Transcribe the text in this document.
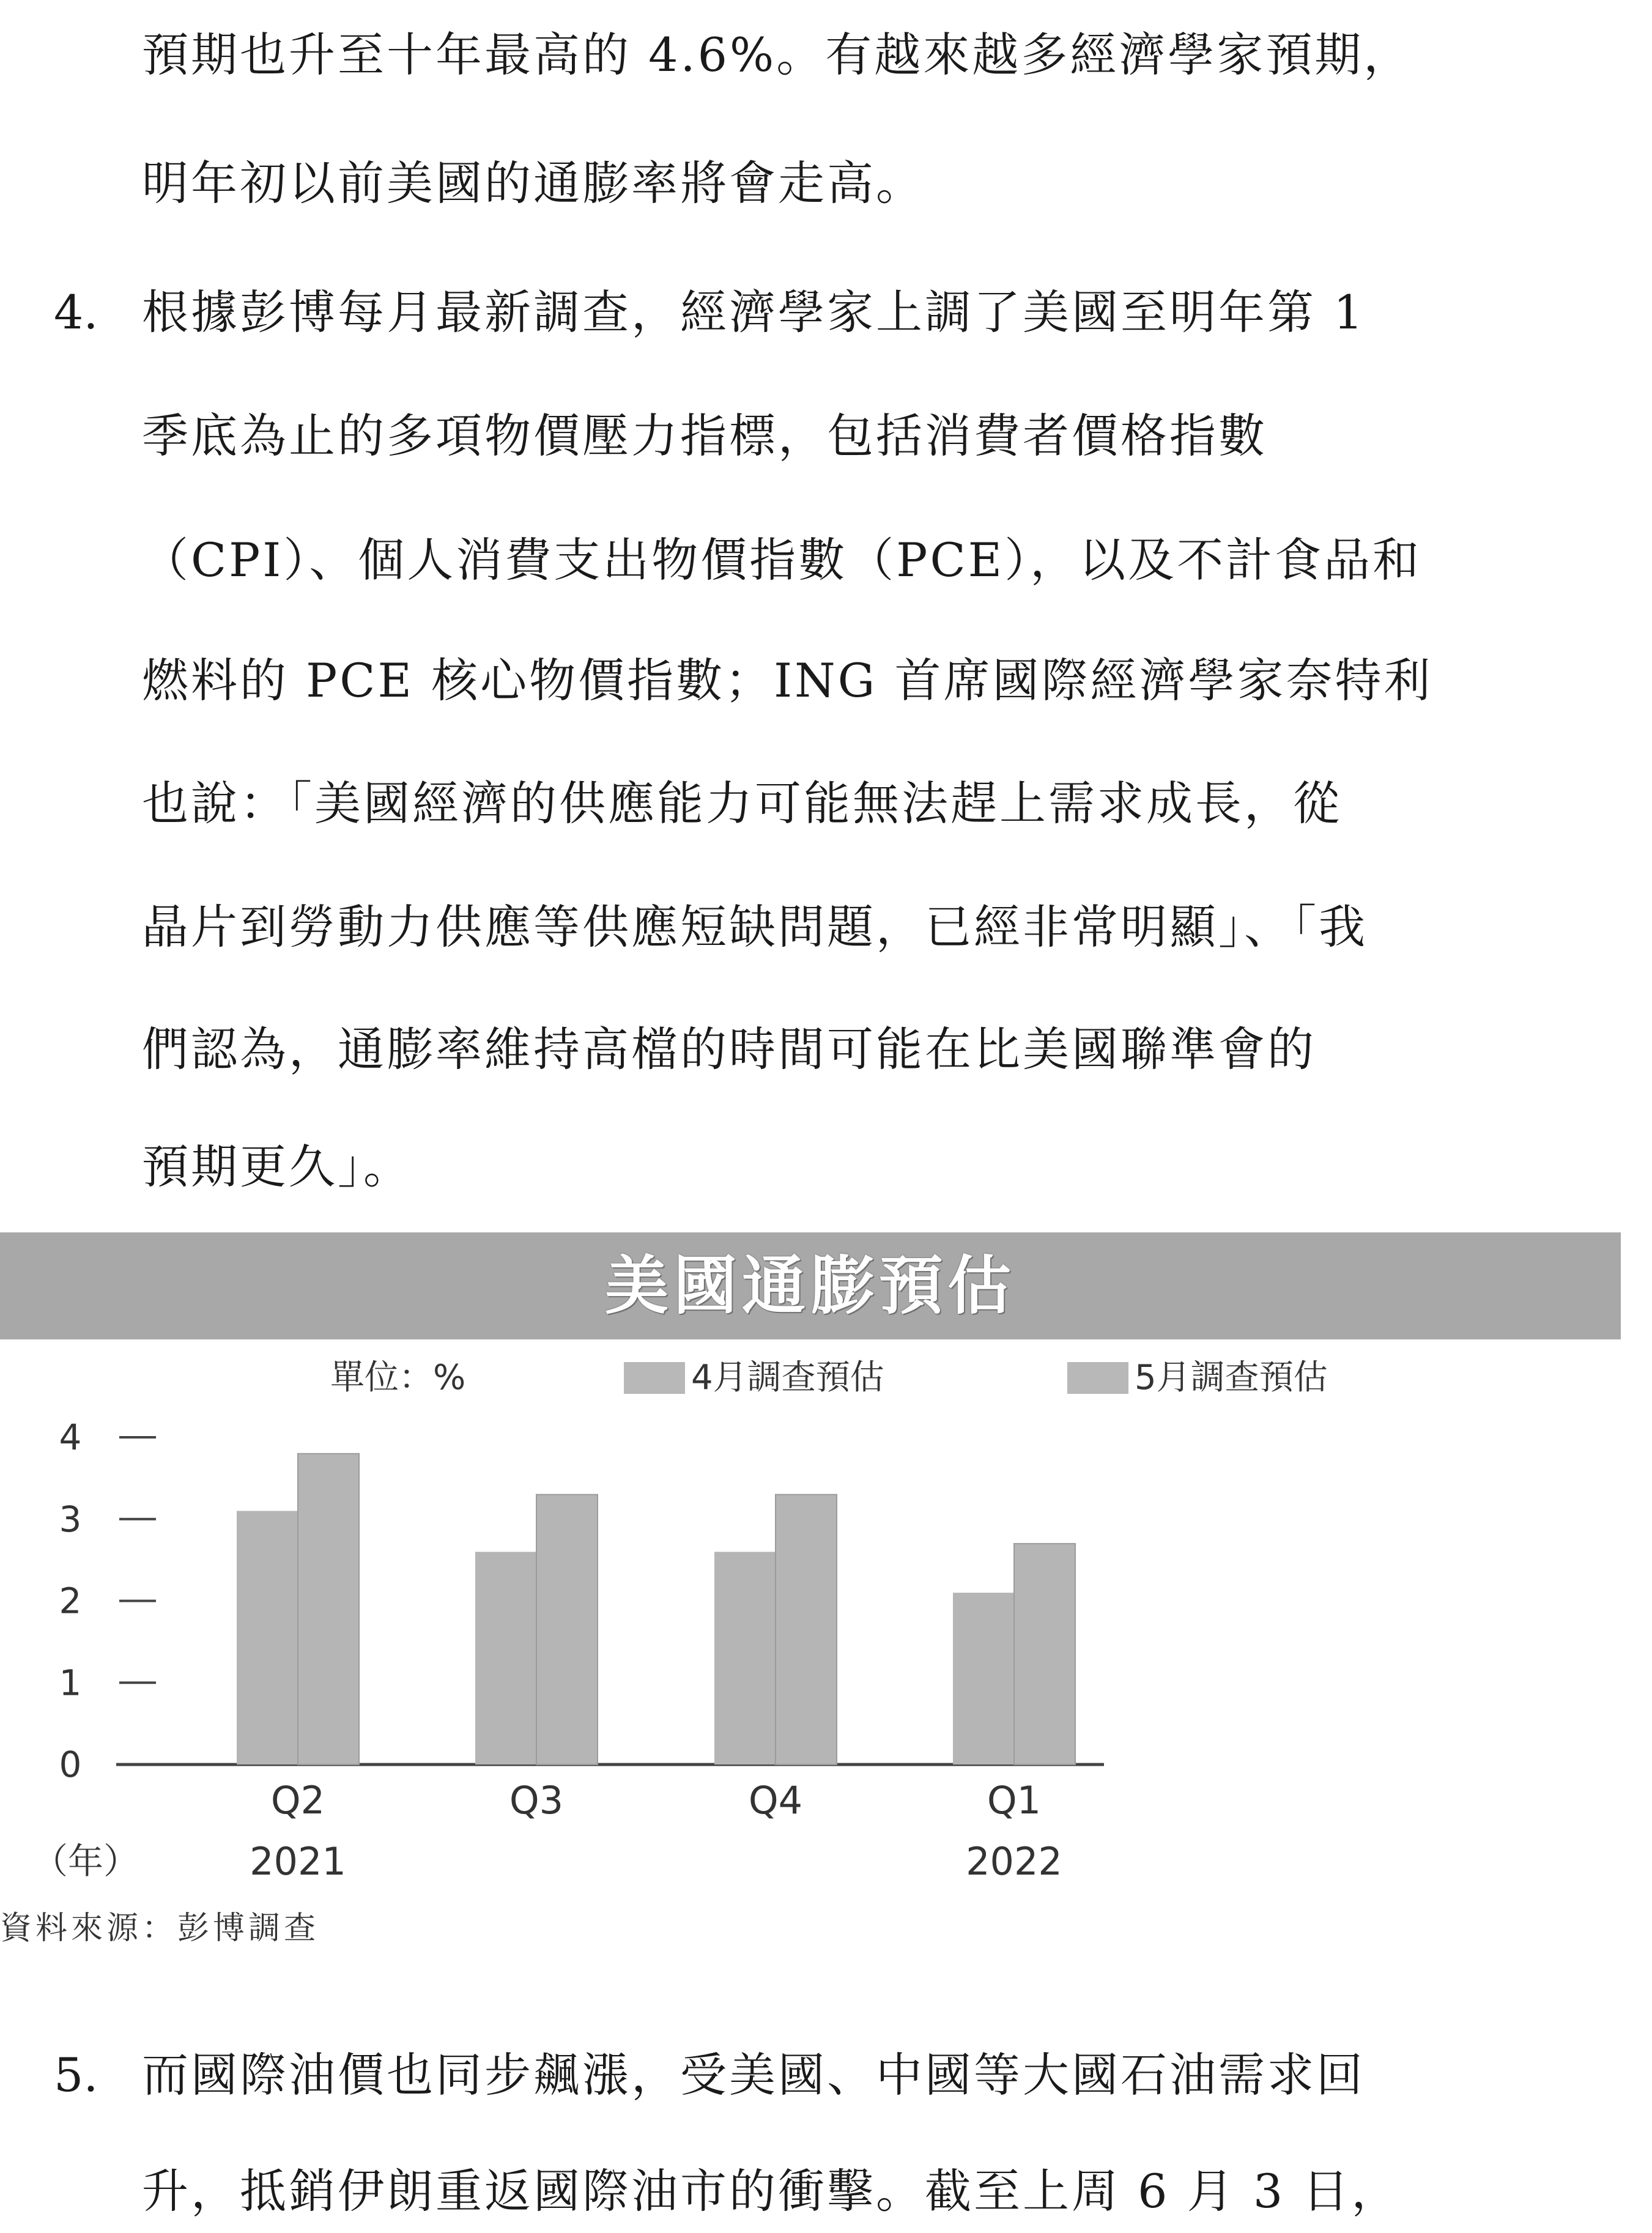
預期也升至十年最高的 4.6%。有越來越多經濟學家預期，
明年初以前美國的通膨率將會走高。
4. 根據彭博每月最新調查，經濟學家上調了美國至明年第 1
季底為止的多項物價壓力指標，包括消費者價格指數
（CPI）、個人消費支出物價指數（PCE），以及不計食品和
燃料的 PCE 核心物價指數；ING 首席國際經濟學家奈特利
也說：「美國經濟的供應能力可能無法趕上需求成長，從
晶片到勞動力供應等供應短缺問題，已經非常明顯」、「我
們認為，通膨率維持高檔的時間可能在比美國聯準會的
預期更久」。
美國通膨預估
單位：%	4月調查預估	5月調查預估
0
1
2
3
4
Q2
2021
Q3	Q4	Q1
2022
（年）
資料來源：彭博調查
5. 而國際油價也同步飆漲，受美國、中國等大國石油需求回
升，抵銷伊朗重返國際油市的衝擊。截至上周 6 月 3 日，
